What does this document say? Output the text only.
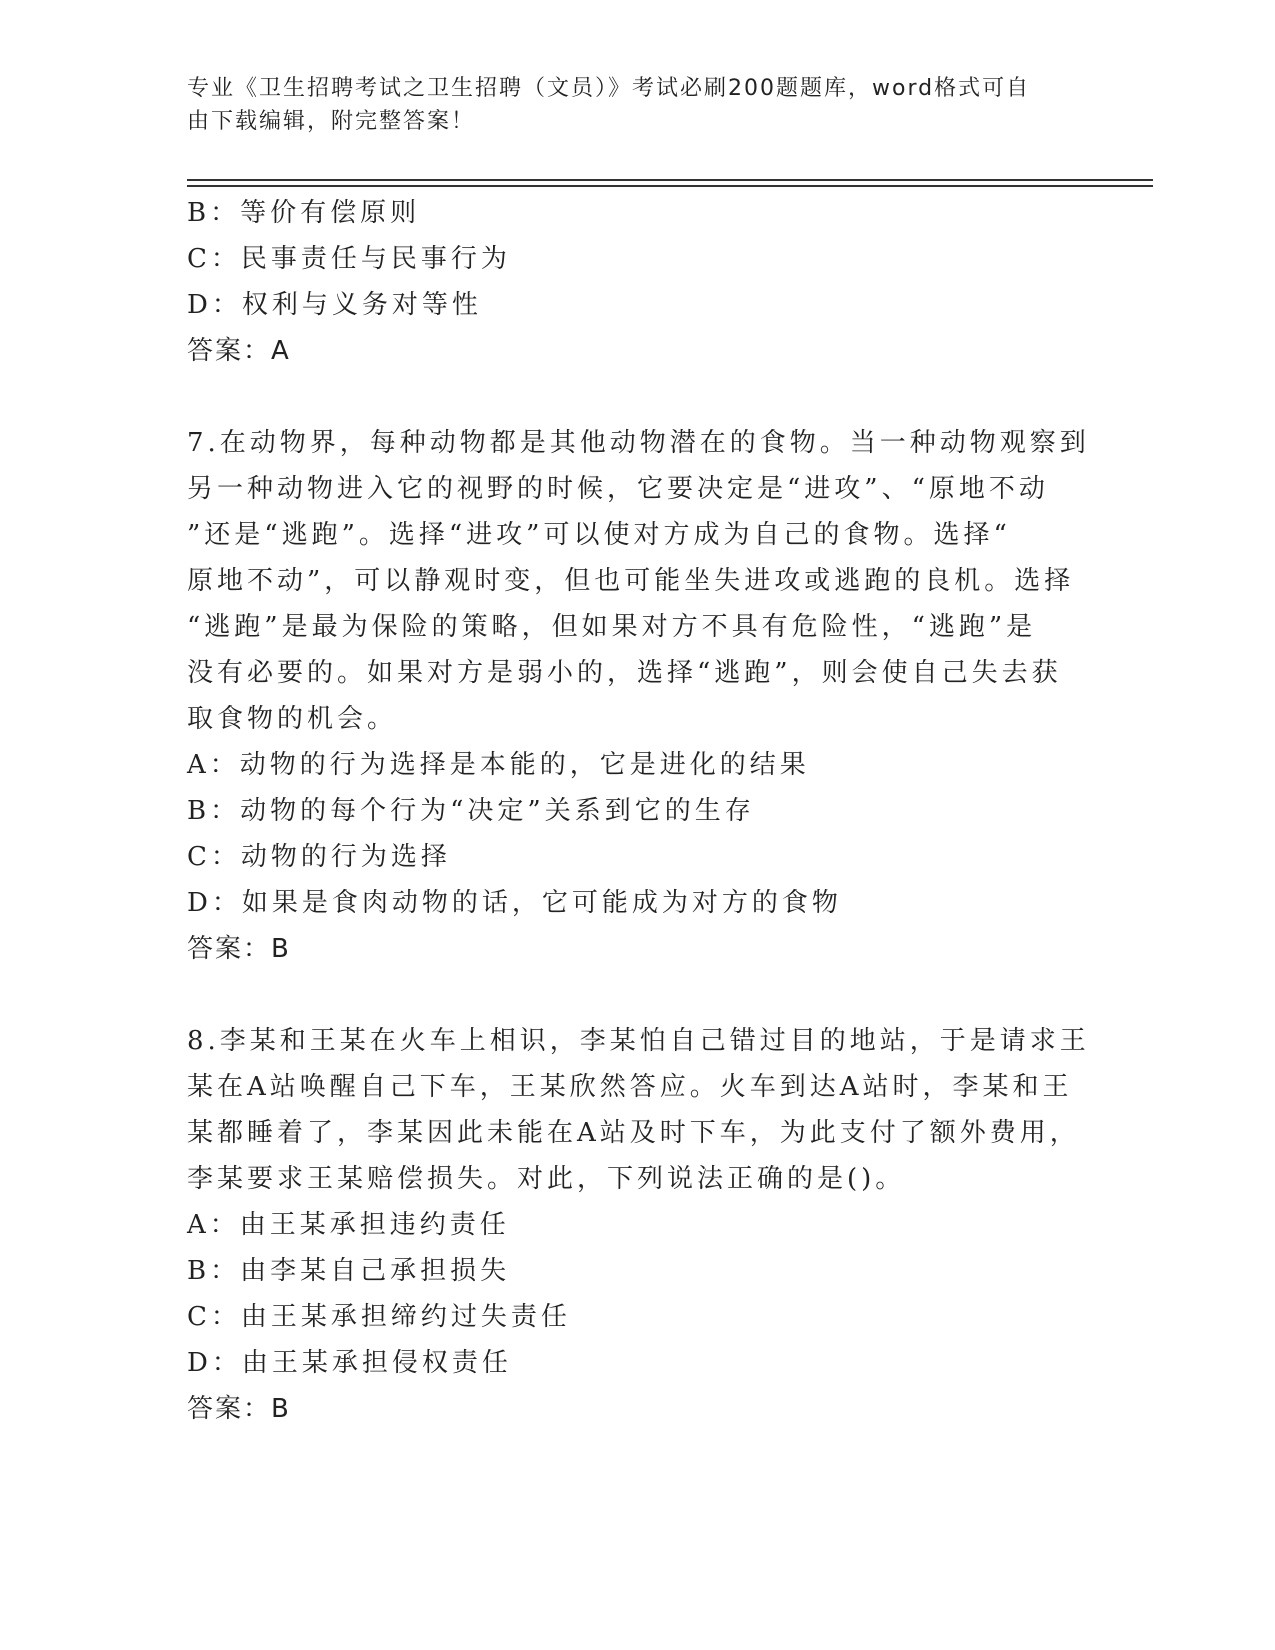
专业《卫生招聘考试之卫生招聘（文员）》考试必刷200题题库，word格式可自
由下载编辑，附完整答案！
B：等价有偿原则
C：民事责任与民事行为
D：权利与义务对等性
答案：A
7.在动物界，每种动物都是其他动物潜在的食物。当一种动物观察到
另一种动物进入它的视野的时候，它要决定是“进攻”、“原地不动
”还是“逃跑”。选择“进攻”可以使对方成为自己的食物。选择“
原地不动”，可以静观时变，但也可能坐失进攻或逃跑的良机。选择
“逃跑”是最为保险的策略，但如果对方不具有危险性，“逃跑”是
没有必要的。如果对方是弱小的，选择“逃跑”，则会使自己失去获
取食物的机会。
A：动物的行为选择是本能的，它是进化的结果
B：动物的每个行为“决定”关系到它的生存
C：动物的行为选择
D：如果是食肉动物的话，它可能成为对方的食物
答案：B
8.李某和王某在火车上相识，李某怕自己错过目的地站，于是请求王
某在A站唤醒自己下车，王某欣然答应。火车到达A站时，李某和王
某都睡着了，李某因此未能在A站及时下车，为此支付了额外费用，
李某要求王某赔偿损失。对此，下列说法正确的是()。
A：由王某承担违约责任
B：由李某自己承担损失
C：由王某承担缔约过失责任
D：由王某承担侵权责任
答案：B
